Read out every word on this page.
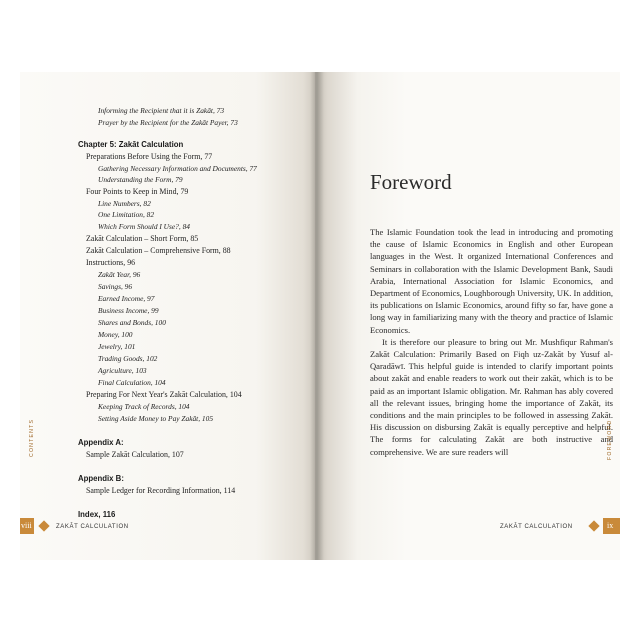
Informing the Recipient that it is Zakāt, 73
Prayer by the Recipient for the Zakāt Payer, 73
Chapter 5: Zakāt Calculation
Preparations Before Using the Form, 77
Gathering Necessary Information and Documents, 77
Understanding the Form, 79
Four Points to Keep in Mind, 79
Line Numbers, 82
One Limitation, 82
Which Form Should I Use?, 84
Zakāt Calculation – Short Form, 85
Zakāt Calculation – Comprehensive Form, 88
Instructions, 96
Zakāt Year, 96
Savings, 96
Earned Income, 97
Business Income, 99
Shares and Bonds, 100
Money, 100
Jewelry, 101
Trading Goods, 102
Agriculture, 103
Final Calculation, 104
Preparing For Next Year's Zakāt Calculation, 104
Keeping Track of Records, 104
Setting Aside Money to Pay Zakāt, 105
Appendix A:
Sample Zakāt Calculation, 107
Appendix B:
Sample Ledger for Recording Information, 114
Index, 116
CONTENTS
viii	ZAKĀT CALCULATION
Foreword

The Islamic Foundation took the lead in introducing and promoting the cause of Islamic Economics in English and other European languages in the West. It organized International Conferences and Seminars in collaboration with the Islamic Development Bank, Saudi Arabia, International Association for Islamic Economics, and Department of Economics, Loughborough University, UK. In addition, its publications on Islamic Economics, around fifty so far, have gone a long way in familiarizing many with the theory and practice of Islamic Economics.

It is therefore our pleasure to bring out Mr. Mushfiqur Rahman's Zakāt Calculation: Primarily Based on Fiqh uz-Zakāt by Yusuf al-Qaradāwī. This helpful guide is intended to clarify important points about zakāt and enable readers to work out their zakāt, which is to be paid as an important Islamic obligation. Mr. Rahman has ably covered all the relevant issues, bringing home the importance of Zakāt, its conditions and the main principles to be followed in assessing Zakāt. His discussion on disbursing Zakāt is equally perceptive and helpful. The forms for calculating Zakāt are both instructive and comprehensive. We are sure readers will	FOREWORD
ZAKĀT CALCULATION	ix
